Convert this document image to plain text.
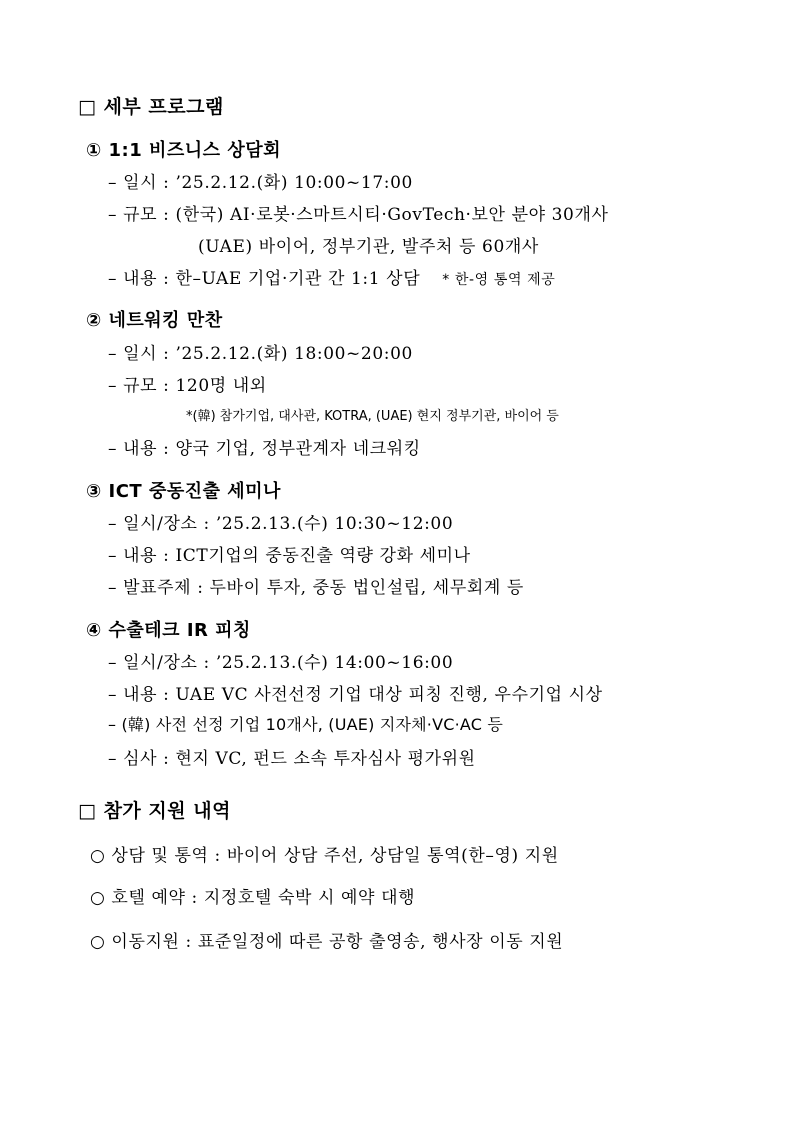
□ 세부 프로그램
① 1:1 비즈니스 상담회
– 일시 : ’25.2.12.(화) 10:00~17:00
– 규모 : (한국) AI·로봇·스마트시티·GovTech·보안 분야 30개사
(UAE) 바이어, 정부기관, 발주처 등 60개사
– 내용 : 한–UAE 기업·기관 간 1:1 상담 * 한-영 통역 제공
② 네트워킹 만찬
– 일시 : ’25.2.12.(화) 18:00~20:00
– 규모 : 120명 내외
*(韓) 참가기업, 대사관, KOTRA, (UAE) 현지 정부기관, 바이어 등
– 내용 : 양국 기업, 정부관계자 네크워킹
③ ICT 중동진출 세미나
– 일시/장소 : ’25.2.13.(수) 10:30~12:00
– 내용 : ICT기업의 중동진출 역량 강화 세미나
– 발표주제 : 두바이 투자, 중동 법인설립, 세무회계 등
④ 수출테크 IR 피칭
– 일시/장소 : ’25.2.13.(수) 14:00~16:00
– 내용 : UAE VC 사전선정 기업 대상 피칭 진행, 우수기업 시상
– (韓) 사전 선정 기업 10개사, (UAE) 지자체·VC·AC 등
– 심사 : 현지 VC, 펀드 소속 투자심사 평가위원
□ 참가 지원 내역
○ 상담 및 통역 : 바이어 상담 주선, 상담일 통역(한–영) 지원
○ 호텔 예약 : 지정호텔 숙박 시 예약 대행
○ 이동지원 : 표준일정에 따른 공항 출영송, 행사장 이동 지원
